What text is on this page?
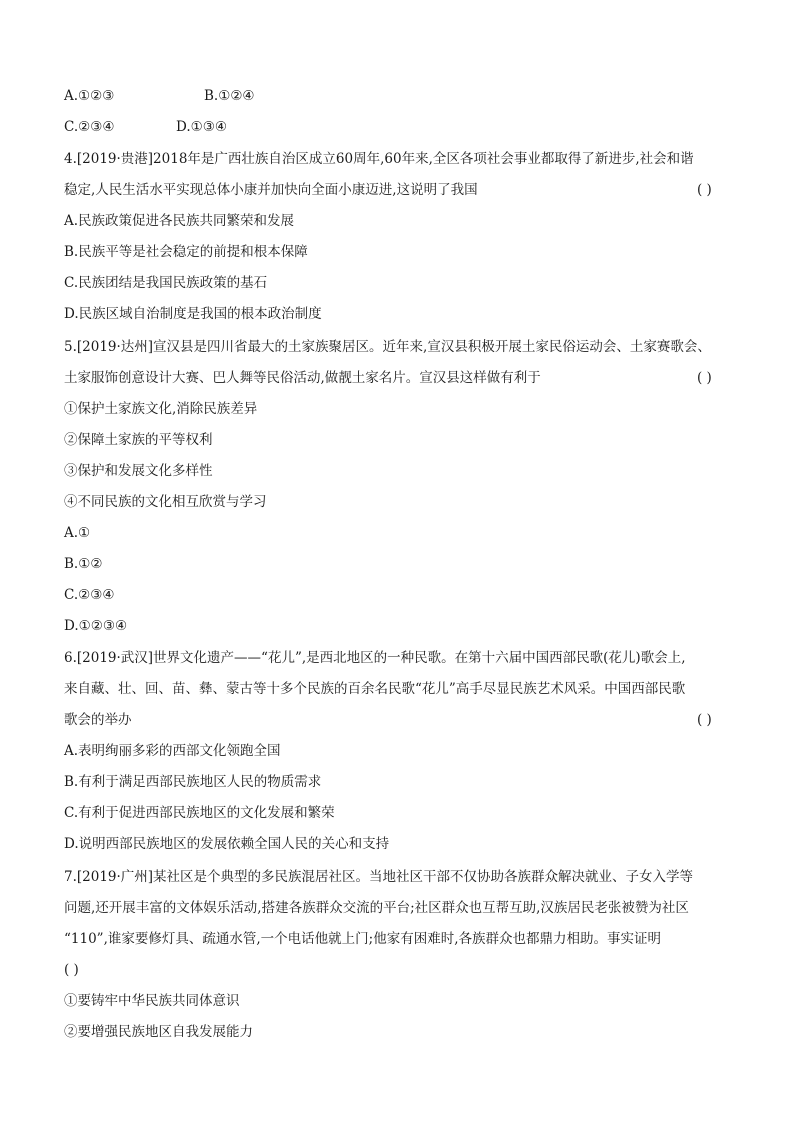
A.①②③	B.①②④
C.②③④	D.①③④
4.[2019·贵港]2018年是广西壮族自治区成立60周年,60年来,全区各项社会事业都取得了新进步,社会和谐
稳定,人民生活水平实现总体小康并加快向全面小康迈进,这说明了我国	( )
A.民族政策促进各民族共同繁荣和发展
B.民族平等是社会稳定的前提和根本保障
C.民族团结是我国民族政策的基石
D.民族区域自治制度是我国的根本政治制度
5.[2019·达州]宣汉县是四川省最大的土家族聚居区。近年来,宣汉县积极开展土家民俗运动会、土家赛歌会、
土家服饰创意设计大赛、巴人舞等民俗活动,做靓土家名片。宣汉县这样做有利于	( )
①保护土家族文化,消除民族差异
②保障土家族的平等权利
③保护和发展文化多样性
④不同民族的文化相互欣赏与学习
A.①
B.①②
C.②③④
D.①②③④
6.[2019·武汉]世界文化遗产——“花儿”,是西北地区的一种民歌。在第十六届中国西部民歌(花儿)歌会上,
来自藏、壮、回、苗、彝、蒙古等十多个民族的百余名民歌“花儿”高手尽显民族艺术风采。中国西部民歌
歌会的举办	( )
A.表明绚丽多彩的西部文化领跑全国
B.有利于满足西部民族地区人民的物质需求
C.有利于促进西部民族地区的文化发展和繁荣
D.说明西部民族地区的发展依赖全国人民的关心和支持
7.[2019·广州]某社区是个典型的多民族混居社区。当地社区干部不仅协助各族群众解决就业、子女入学等
问题,还开展丰富的文体娱乐活动,搭建各族群众交流的平台;社区群众也互帮互助,汉族居民老张被赞为社区
“110”,谁家要修灯具、疏通水管,一个电话他就上门;他家有困难时,各族群众也都鼎力相助。事实证明
( )
①要铸牢中华民族共同体意识
②要增强民族地区自我发展能力
